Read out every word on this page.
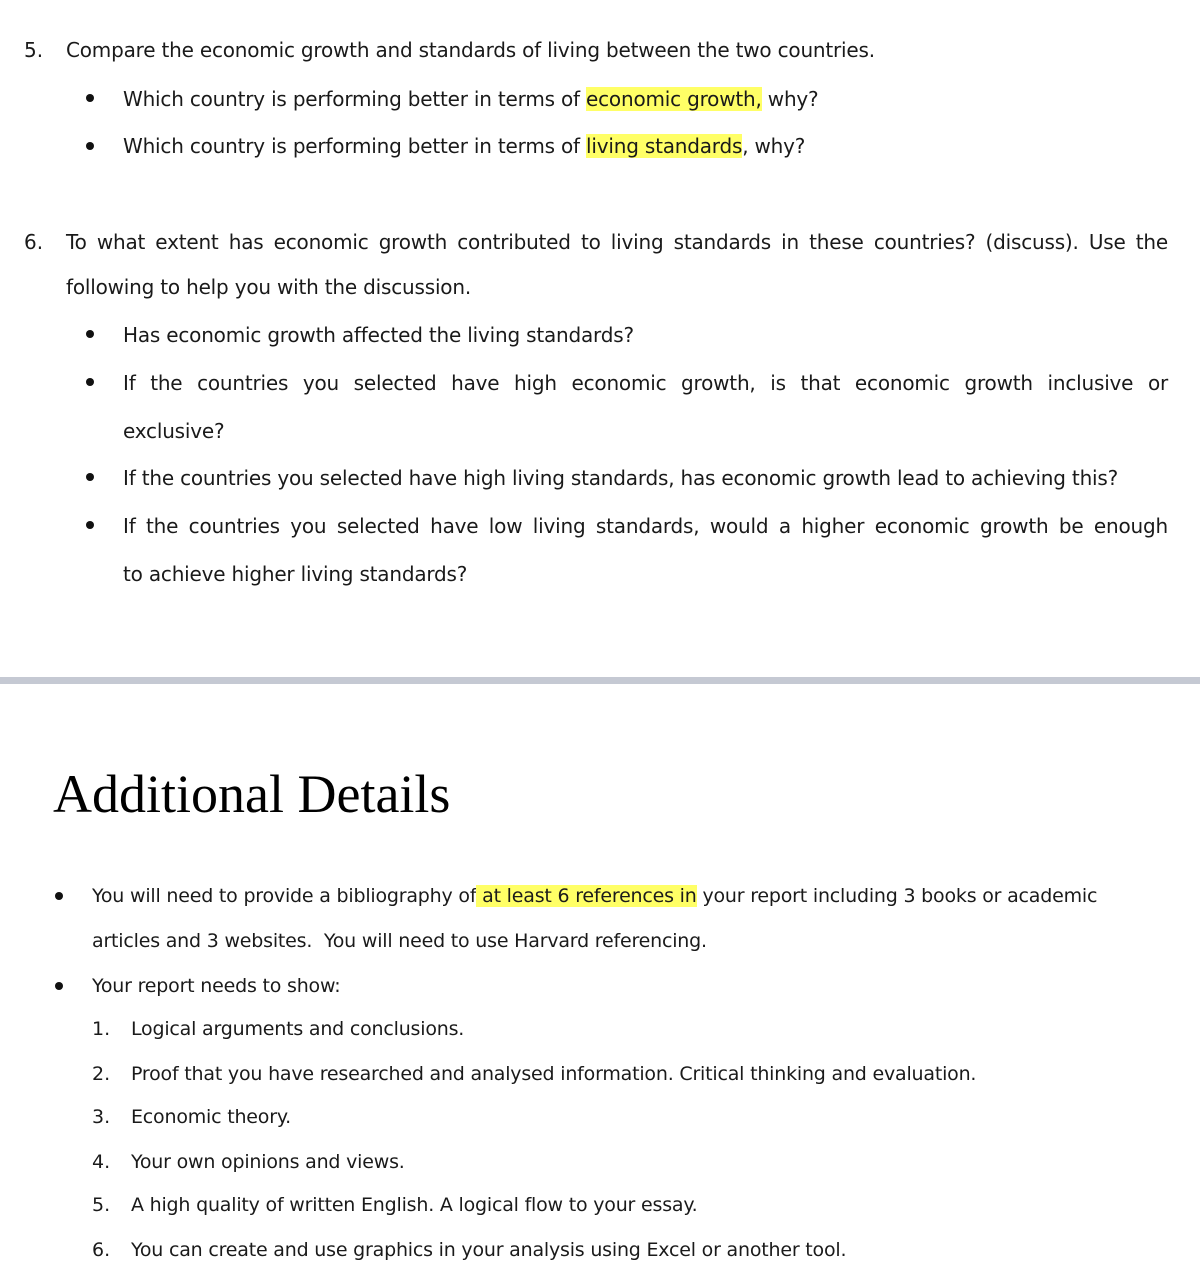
5. Compare the economic growth and standards of living between the two countries.
Which country is performing better in terms of economic growth, why?
Which country is performing better in terms of living standards, why?
6. To what extent has economic growth contributed to living standards in these countries? (discuss). Use the
following to help you with the discussion.
Has economic growth affected the living standards?
If the countries you selected have high economic growth, is that economic growth inclusive or
exclusive?
If the countries you selected have high living standards, has economic growth lead to achieving this?
If the countries you selected have low living standards, would a higher economic growth be enough
to achieve higher living standards?
Additional Details
You will need to provide a bibliography of at least 6 references in your report including 3 books or academic
articles and 3 websites.  You will need to use Harvard referencing.
Your report needs to show:
1. Logical arguments and conclusions.
2. Proof that you have researched and analysed information. Critical thinking and evaluation.
3. Economic theory.
4. Your own opinions and views.
5. A high quality of written English. A logical flow to your essay.
6. You can create and use graphics in your analysis using Excel or another tool.
